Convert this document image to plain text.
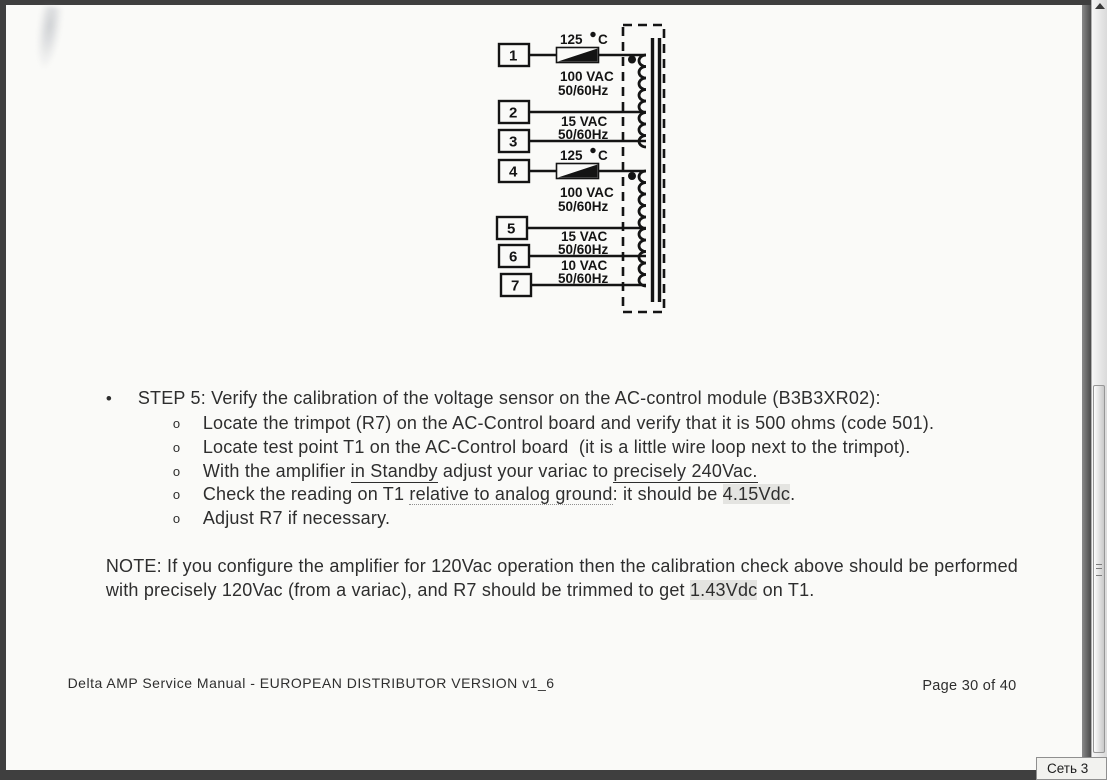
125 C
125 C
1
2
3
4
5
6
7
100 VAC
50/60Hz
15 VAC
50/60Hz
100 VAC
50/60Hz
15 VAC
50/60Hz
10 VAC
50/60Hz

• STEP 5: Verify the calibration of the voltage sensor on the AC-control module (B3B3XR02):

o Locate the trimpot (R7) on the AC-Control board and verify that it is 500 ohms (code 501).

o Locate test point T1 on the AC-Control board  (it is a little wire loop next to the trimpot).

o With the amplifier in Standby adjust your variac to precisely 240Vac.

o Check the reading on T1 relative to analog ground: it should be 4.15Vdc.

o Adjust R7 if necessary.

NOTE: If you configure the amplifier for 120Vac operation then the calibration check above should be performed

with precisely 120Vac (from a variac), and R7 should be trimmed to get 1.43Vdc on T1.

Delta AMP Service Manual - EUROPEAN DISTRIBUTOR VERSION v1_6
	Page 30 of 40

Сеть 3
